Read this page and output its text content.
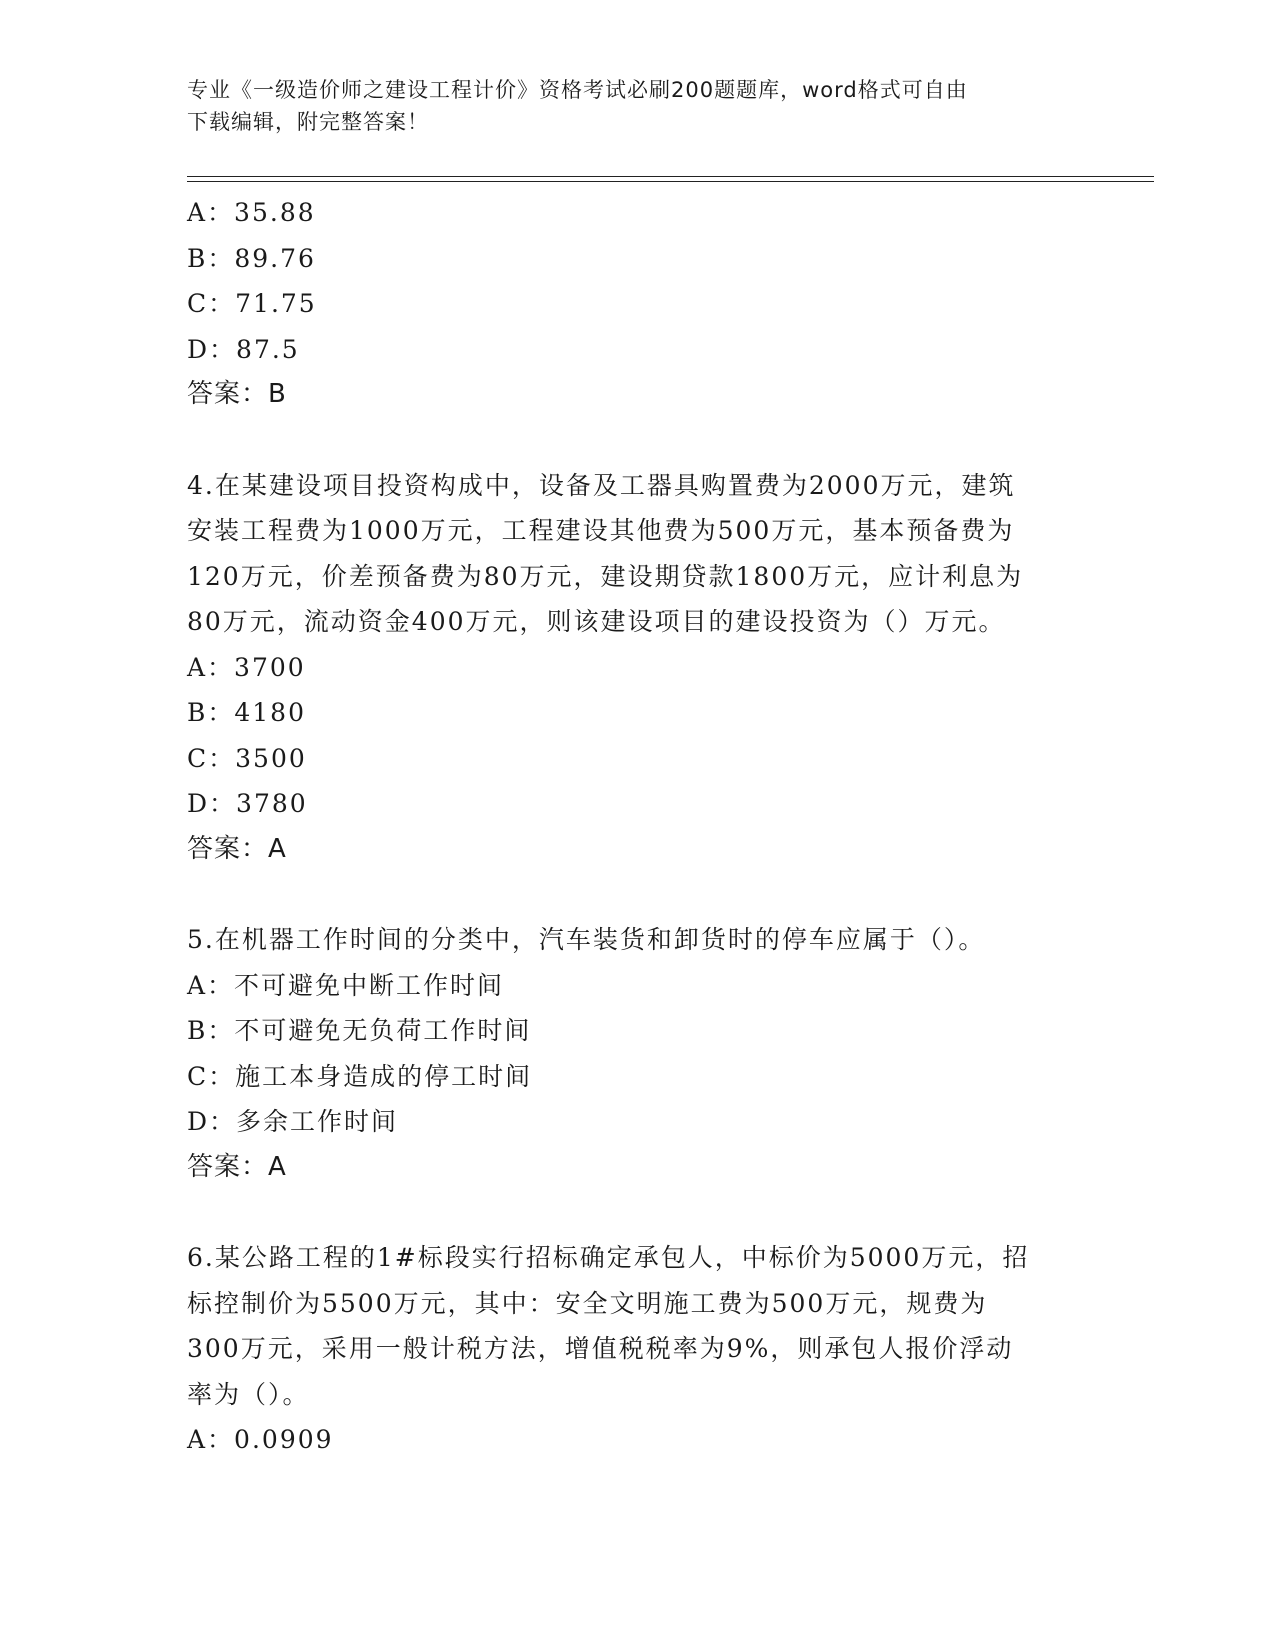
专业《一级造价师之建设工程计价》资格考试必刷200题题库，word格式可自由
下载编辑，附完整答案！
A：35.88
B：89.76
C：71.75
D：87.5
答案：B
4.在某建设项目投资构成中，设备及工器具购置费为2000万元，建筑
安装工程费为1000万元，工程建设其他费为500万元，基本预备费为
120万元，价差预备费为80万元，建设期贷款1800万元，应计利息为
80万元，流动资金400万元，则该建设项目的建设投资为（）万元。
A：3700
B：4180
C：3500
D：3780
答案：A
5.在机器工作时间的分类中，汽车装货和卸货时的停车应属于（）。
A：不可避免中断工作时间
B：不可避免无负荷工作时间
C：施工本身造成的停工时间
D：多余工作时间
答案：A
6.某公路工程的1#标段实行招标确定承包人，中标价为5000万元，招
标控制价为5500万元，其中：安全文明施工费为500万元，规费为
300万元，采用一般计税方法，增值税税率为9%，则承包人报价浮动
率为（）。
A：0.0909
